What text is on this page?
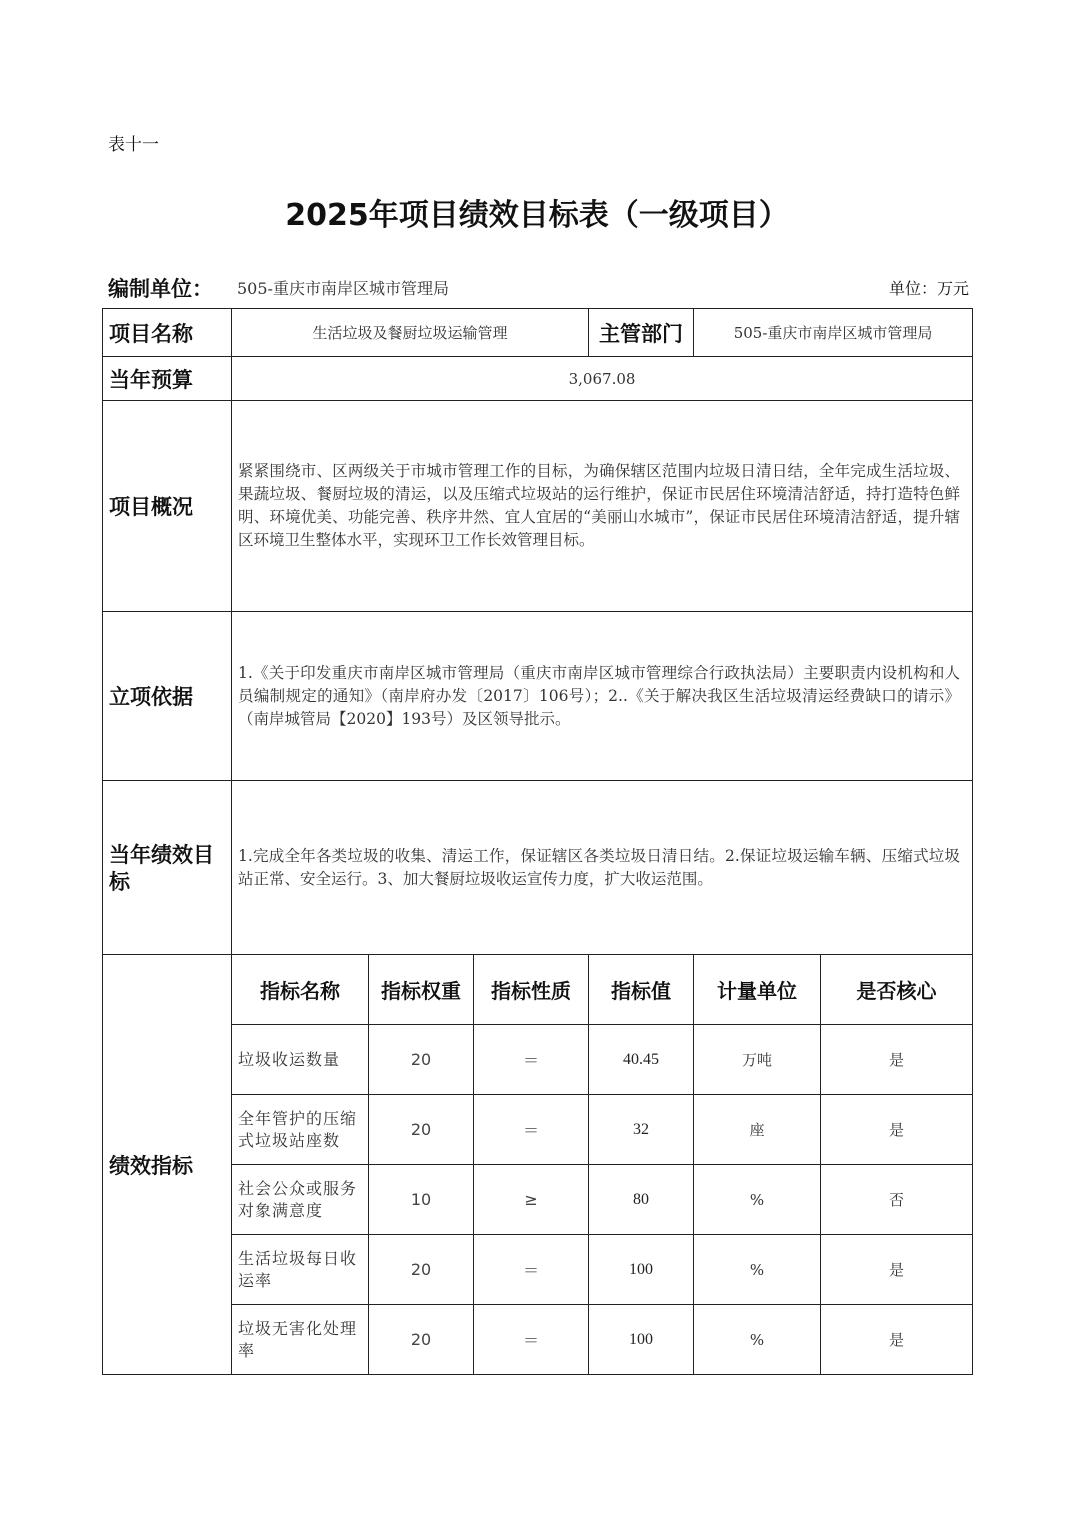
表十一
2025年项目绩效目标表（一级项目）
编制单位： 505-重庆市南岸区城市管理局	单位：万元
项目名称	生活垃圾及餐厨垃圾运输管理			主管部门	505-重庆市南岸区城市管理局	
当年预算	3,067.08					
项目概况	紧紧围绕市、区两级关于市城市管理工作的目标，为确保辖区范围内垃圾日清日结，全年完成生活垃圾、果蔬垃圾、餐厨垃圾的清运，以及压缩式垃圾站的运行维护，保证市民居住环境清洁舒适，持打造特色鲜明、环境优美、功能完善、秩序井然、宜人宜居的“美丽山水城市”，保证市民居住环境清洁舒适，提升辖区环境卫生整体水平，实现环卫工作长效管理目标。					
立项依据	1.《关于印发重庆市南岸区城市管理局（重庆市南岸区城市管理综合行政执法局）主要职责内设机构和人员编制规定的通知》（南岸府办发〔2017〕106号）；2..《关于解决我区生活垃圾清运经费缺口的请示》（南岸城管局【2020】193号）及区领导批示。					
当年绩效目标	1.完成全年各类垃圾的收集、清运工作，保证辖区各类垃圾日清日结。2.保证垃圾运输车辆、压缩式垃圾站正常、安全运行。3、加大餐厨垃圾收运宣传力度，扩大收运范围。					
绩效指标	指标名称	指标权重	指标性质	指标值	计量单位	是否核心
	垃圾收运数量	20	＝	40.45	万吨	是
	全年管护的压缩式垃圾站座数	20	＝	32	座	是
	社会公众或服务对象满意度	10	≥	80	%	否
	生活垃圾每日收运率	20	＝	100	%	是
	垃圾无害化处理率	20	＝	100	%	是
